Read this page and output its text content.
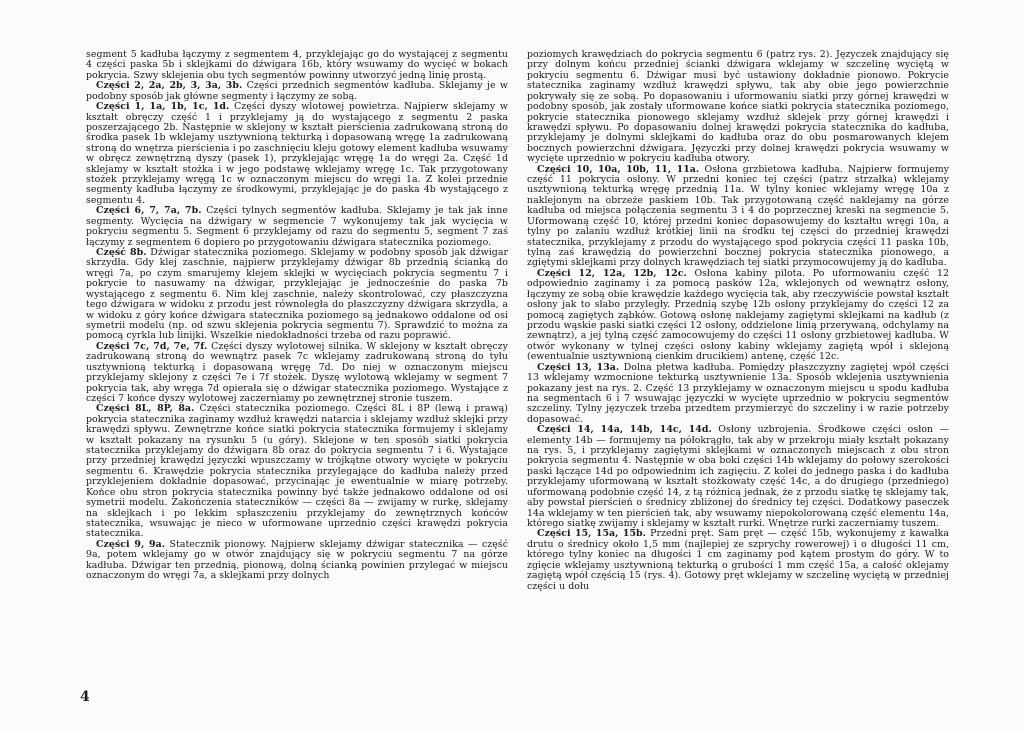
segment 5 kadłuba łączymy z segmentem 4, przyklejając go do wystającej z segmentu 4 części paska 5b i sklejkami do dźwigara 16b, który wsuwamy do wycięć w bokach pokrycia. Szwy sklejenia obu tych segmentów powinny utworzyć jedną linię prostą.

Części 2, 2a, 2b, 3, 3a, 3b. Części przednich segmentów kadłuba. Sklejamy je w podobny sposób jak główne segmenty i łączymy ze sobą.

Części 1, 1a, 1b, 1c, 1d. Części dyszy wlotowej powietrza. Najpierw sklejamy w kształt obręczy część 1 i przyklejamy ją do wystającego z segmentu 2 paska poszerzającego 2b. Następnie w sklejony w kształt pierścienia zadrukowaną stroną do środka pasek 1b wklejamy usztywnioną tekturką i dopasowaną wręgę 1a zadrukowaną stroną do wnętrza pierścienia i po zaschnięciu kleju gotowy element kadłuba wsuwamy w obręcz zewnętrzną dyszy (pasek 1), przyklejając wręgę 1a do wręgi 2a. Część 1d sklejamy w kształt stożka i w jego podstawę wklejamy wręgę 1c. Tak przygotowany stożek przyklejamy wręgą 1c w oznaczonym miejscu do wręgi 1a. Z kolei przednie segmenty kadłuba łączymy ze środkowymi, przyklejając je do paska 4b wystającego z segmentu 4.

Części 6, 7, 7a, 7b. Części tylnych segmentów kadłuba. Sklejamy je tak jak inne segmenty. Wycięcia na dźwigary w segmencie 7 wykonujemy tak jak wycięcia w pokryciu segmentu 5. Segment 6 przyklejamy od razu do segmentu 5, segment 7 zaś łączymy z segmentem 6 dopiero po przygotowaniu dźwigara statecznika poziomego.

Część 8b. Dźwigar statecznika poziomego. Sklejamy w podobny sposób jak dźwigar skrzydła. Gdy klej zaschnie, najpierw przyklejamy dźwigar 8b przednią ścianką do wręgi 7a, po czym smarujemy klejem sklejki w wycięciach pokrycia segmentu 7 i pokrycie to nasuwamy na dźwigar, przyklejając je jednocześnie do paska 7b wystającego z segmentu 6. Nim klej zaschnie, należy skontrolować, czy płaszczyzna tego dźwigara w widoku z przodu jest równoległa do płaszczyzny dźwigara skrzydła, a w widoku z góry końce dźwigara statecznika poziomego są jednakowo oddalone od osi symetrii modelu (np. od szwu sklejenia pokrycia segmentu 7). Sprawdzić to można za pomocą cyrkla lub linijki. Wszelkie niedokładności trzeba od razu poprawić.

Części 7c, 7d, 7e, 7f. Części dyszy wylotowej silnika. W sklejony w kształt obręczy zadrukowaną stroną do wewnątrz pasek 7c wklejamy zadrukowaną stroną do tyłu usztywnioną tekturką i dopasowaną wręgę 7d. Do niej w oznaczonym miejscu przyklejamy sklejony z części 7e i 7f stożek. Dyszę wylotową wklejamy w segment 7 pokrycia tak, aby wręga 7d opierała się o dźwigar statecznika poziomego. Wystające z części 7 końce dyszy wylotowej zaczerniamy po zewnętrznej stronie tuszem.

Części 8L, 8P, 8a. Części statecznika poziomego. Części 8L i 8P (lewą i prawą) pokrycia statecznika zaginamy wzdłuż krawędzi natarcia i sklejamy wzdłuż sklejki przy krawędzi spływu. Zewnętrzne końce siatki pokrycia statecznika formujemy i sklejamy w kształt pokazany na rysunku 5 (u góry). Sklejone w ten sposób siatki pokrycia statecznika przyklejamy do dźwigara 8b oraz do pokrycia segmentu 7 i 6. Wystające przy przedniej krawędzi języczki wpuszczamy w trójkątne otwory wycięte w pokryciu segmentu 6. Krawędzie pokrycia statecznika przylegające do kadłuba należy przed przyklejeniem dokładnie dopasować, przycinając je ewentualnie w miarę potrzeby. Końce obu stron pokrycia statecznika powinny być także jednakowo oddalone od osi symetrii modelu. Zakończenia stateczników — części 8a — zwijamy w rurkę, sklejamy na sklejkach i po lekkim spłaszczeniu przyklejamy do zewnętrznych końców statecznika, wsuwając je nieco w uformowane uprzednio części krawędzi pokrycia statecznika.

Części 9, 9a. Statecznik pionowy. Najpierw sklejamy dźwigar statecznika — część 9a, potem wklejamy go w otwór znajdujący się w pokryciu segmentu 7 na górze kadłuba. Dźwigar ten przednią, pionową, dolną ścianką powinien przylegać w miejscu oznaczonym do wręgi 7a, a sklejkami przy dolnych

poziomych krawędziach do pokrycia segmentu 6 (patrz rys. 2). Języczek znajdujący się przy dolnym końcu przedniej ścianki dźwigara wklejamy w szczelinę wyciętą w pokryciu segmentu 6. Dźwigar musi być ustawiony dokładnie pionowo. Pokrycie statecznika zaginamy wzdłuż krawędzi spływu, tak aby obie jego powierzchnie pokrywały się ze sobą. Po dopasowaniu i uformowaniu siatki przy górnej krawędzi w podobny sposób, jak zostały uformowane końce siatki pokrycia statecznika poziomego, pokrycie statecznika pionowego sklejamy wzdłuż sklejek przy górnej krawędzi i krawędzi spływu. Po dopasowaniu dolnej krawędzi pokrycia statecznika do kadłuba, przyklejamy je dolnymi sklejkami do kadłuba oraz do obu posmarowanych klejem bocznych powierzchni dźwigara. Języczki przy dolnej krawędzi pokrycia wsuwamy w wycięte uprzednio w pokryciu kadłuba otwory.

Części 10, 10a, 10b, 11, 11a. Osłona grzbietowa kadłuba. Najpierw formujemy część 11 pokrycia osłony. W przedni koniec tej części (patrz strzałka) wklejamy usztywnioną tekturką wręgę przednią 11a. W tylny koniec wklejamy wręgę 10a z naklejonym na obrzeże paskiem 10b. Tak przygotowaną część naklejamy na górze kadłuba od miejsca połączenia segmentu 3 i 4 do poprzecznej kreski na segmencie 5. Uformowaną część 10, której przedni koniec dopasowujemy do kształtu wręgi 10a, a tylny po zalaniu wzdłuż krótkiej linii na środku tej części do przedniej krawędzi statecznika, przyklejamy z przodu do wystającego spod pokrycia części 11 paska 10b, tylną zaś krawędzią do powierzchni bocznej pokrycia statecznika pionowego, a zgiętymi sklejkami przy dolnych krawędziach tej siatki przymocowujemy ją do kadłuba.

Części 12, 12a, 12b, 12c. Osłona kabiny pilota. Po uformowaniu część 12 odpowiednio zaginamy i za pomocą pasków 12a, wklejonych od wewnątrz osłony, łączymy ze sobą obie krawędzie każdego wycięcia tak, aby rzeczywiście powstał kształt osłony jak to słabo przyległy. Przednią szybę 12b osłony przyklejamy do części 12 za pomocą zagiętych ząbków. Gotową osłonę naklejamy zagiętymi sklejkami na kadłub (z przodu wąskie paski siatki części 12 osłony, oddzielone linią przerywaną, odchylamy na zewnątrz), a jej tylną część zamocowujemy do części 11 osłony grzbietowej kadłuba. W otwór wykonany w tylnej części osłony kabiny wklejamy zagiętą wpół i sklejoną (ewentualnie usztywnioną cienkim drucikiem) antenę, część 12c.

Części 13, 13a. Dolna płetwa kadłuba. Pomiędzy płaszczyzny zagiętej wpół części 13 wklejamy wzmocnione tekturką usztywnienie 13a. Sposób wklejenia usztywnienia pokazany jest na rys. 2. Część 13 przyklejamy w oznaczonym miejscu u spodu kadłuba na segmentach 6 i 7 wsuwając języczki w wycięte uprzednio w pokryciu segmentów szczeliny. Tylny języczek trzeba przedtem przymierzyć do szczeliny i w razie potrzeby dopasować.

Części 14, 14a, 14b, 14c, 14d. Osłony uzbrojenia. Środkowe części osłon — elementy 14b — formujemy na półokrągło, tak aby w przekroju miały kształt pokazany na rys. 5, i przyklejamy zagiętymi sklejkami w oznaczonych miejscach z obu stron pokrycia segmentu 4. Następnie w oba boki części 14b wklejamy do połowy szerokości paski łączące 14d po odpowiednim ich zagięciu. Z kolei do jednego paska i do kadłuba przyklejamy uformowaną w kształt stożkowaty część 14c, a do drugiego (przedniego) uformowaną podobnie część 14, z tą różnicą jednak, że z przodu siatkę tę sklejamy tak, aby powstał pierścień o średnicy zbliżonej do średnicy tej części. Dodatkowy paseczek 14a wklejamy w ten pierścień tak, aby wsuwamy niepokolorowaną część elementu 14a, którego siatkę zwijamy i sklejamy w kształt rurki. Wnętrze rurki zaczerniamy tuszem.

Części 15, 15a, 15b. Przedni pręt. Sam pręt — część 15b, wykonujemy z kawałka drutu o średnicy około 1,5 mm (najlepiej ze szprychy rowerowej) i o długości 11 cm, którego tylny koniec na długości 1 cm zaginamy pod kątem prostym do góry. W to zgięcie wklejamy usztywnioną tekturką o grubości 1 mm część 15a, a całość oklejamy zagiętą wpół częścią 15 (rys. 4). Gotowy pręt wklejamy w szczelinę wyciętą w przedniej części u dołu

4
